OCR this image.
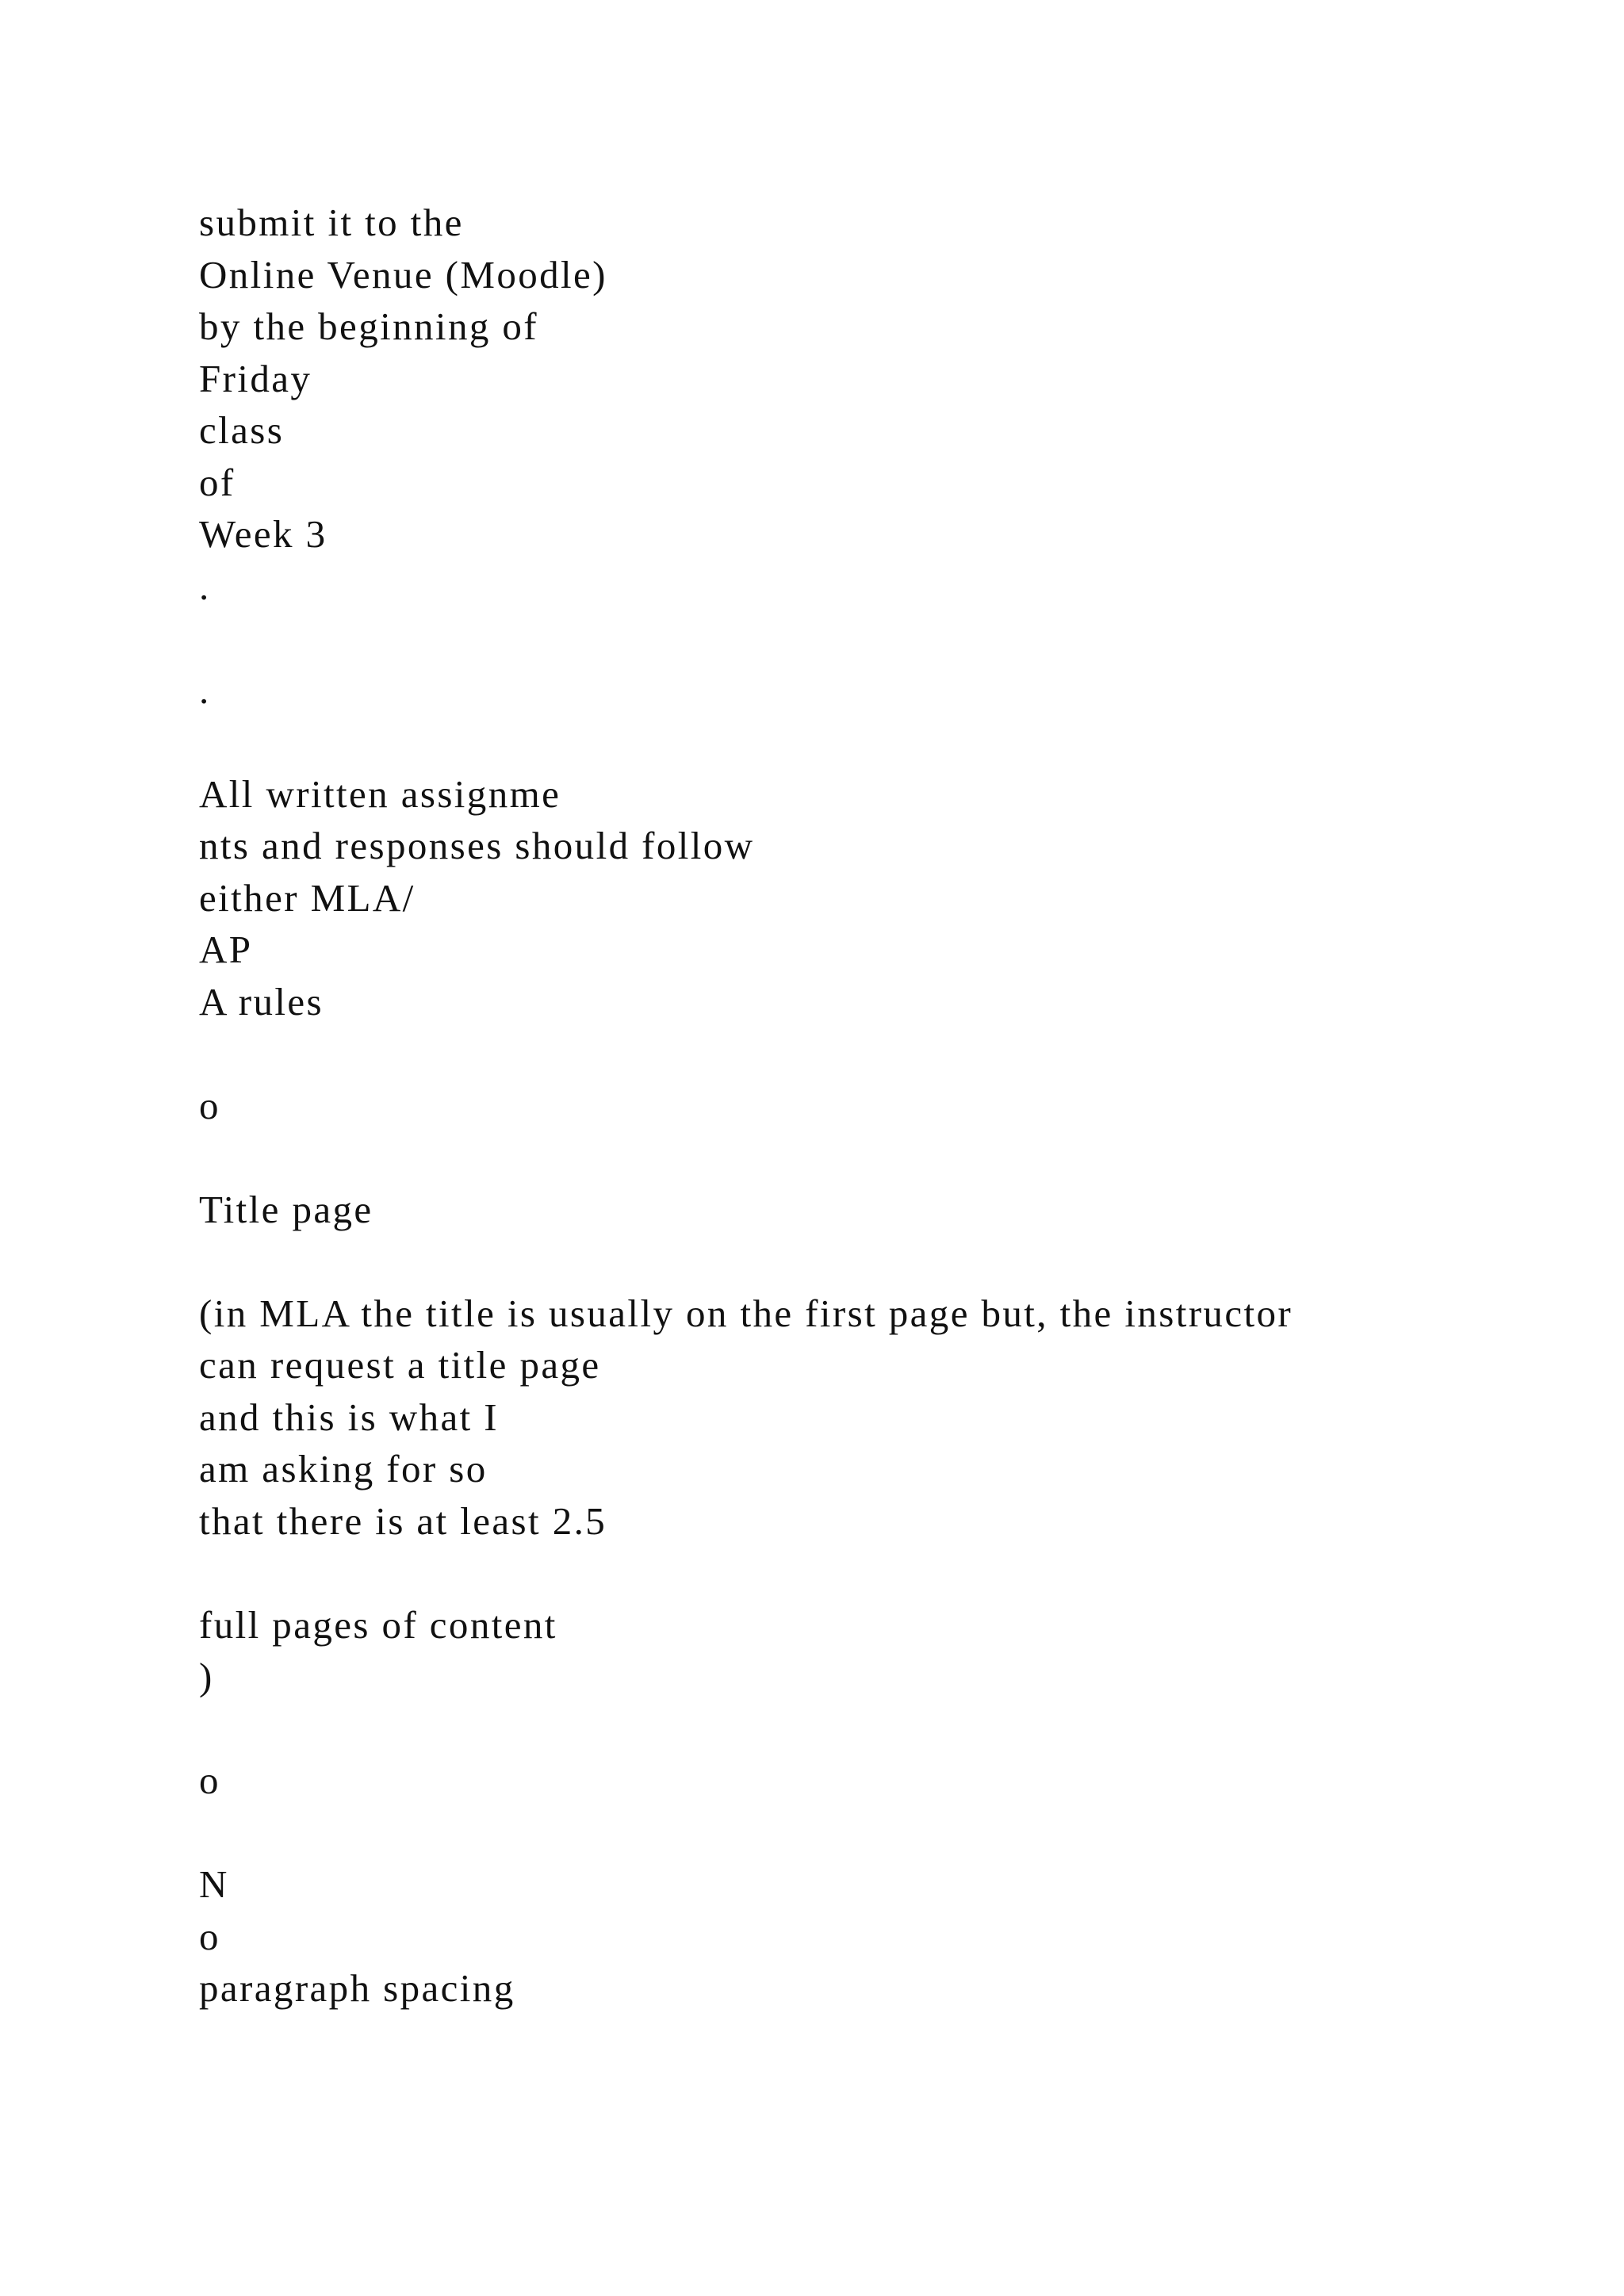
submit it to the

Online Venue (Moodle)

by the beginning of

Friday

class

of

Week 3

.

.

All written assignme

nts and responses should follow

either MLA/

AP

A rules

o

Title page

(in MLA the title is usually on the first page but, the instructor

can request a title page

and this is what I

am asking for so

that there is at least 2.5

full pages of content

)

o

N

o

paragraph spacing
